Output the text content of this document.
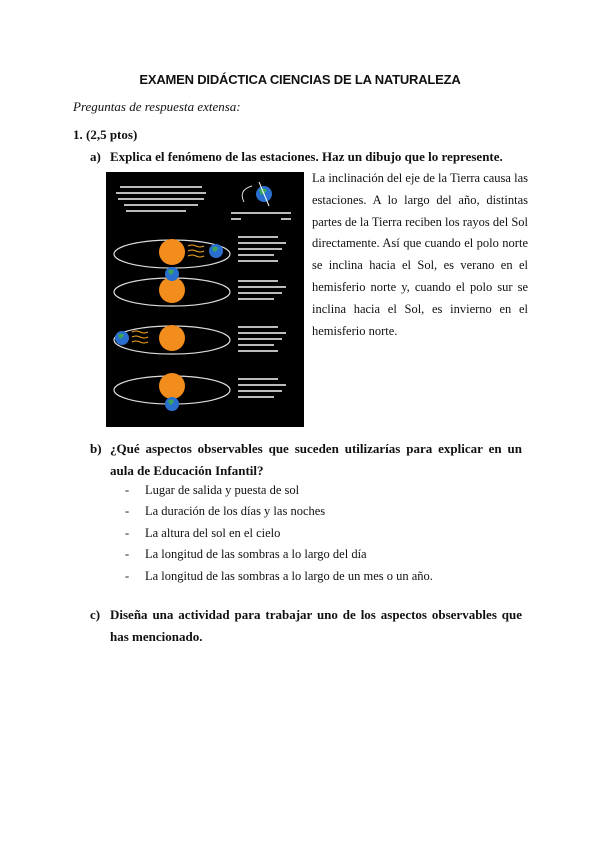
EXAMEN DIDÁCTICA CIENCIAS DE LA NATURALEZA
Preguntas de respuesta extensa:
1. (2,5 ptos)
a) Explica el fenómeno de las estaciones. Haz un dibujo que lo represente.
La inclinación del eje de la Tierra causa las estaciones. A lo largo del año, distintas partes de la Tierra reciben los rayos del Sol directamente. Así que cuando el polo norte se inclina hacia el Sol, es verano en el hemisferio norte y, cuando el polo sur se inclina hacia el Sol, es invierno en el hemisferio norte.
b) ¿Qué aspectos observables que suceden utilizarías para explicar en un aula de Educación Infantil?
- Lugar de salida y puesta de sol
- La duración de los días y las noches
- La altura del sol en el cielo
- La longitud de las sombras a lo largo del día
- La longitud de las sombras a lo largo de un mes o un año.
c) Diseña una actividad para trabajar uno de los aspectos observables que has mencionado.
